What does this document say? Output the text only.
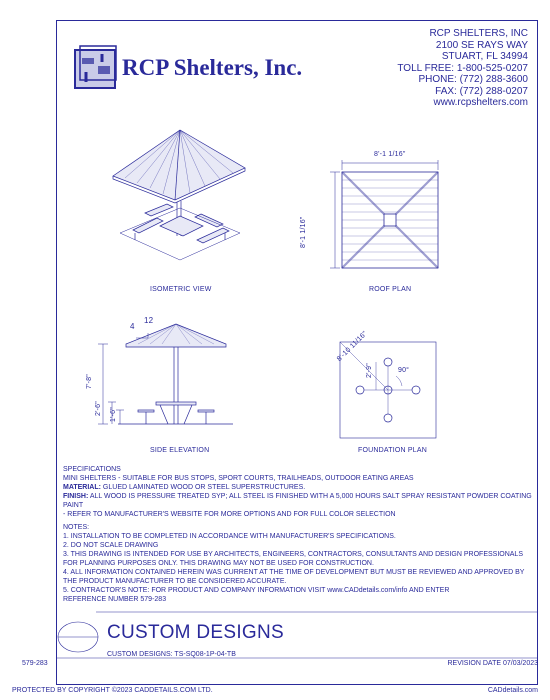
RCP Shelters, Inc.
RCP SHELTERS, INC
2100 SE RAYS WAY
STUART, FL 34994
TOLL FREE: 1-800-525-0207
PHONE: (772) 288-3600
FAX: (772) 288-0207
www.rcpshelters.com
ISOMETRIC VIEW
8'-1 1/16"
8'-1 1/16"
ROOF PLAN
12
4
7'-8"
2'-6" 1'-6"
SIDE ELEVATION
8'-10 11/16"
2'-9"	90°
FOUNDATION PLAN
SPECIFICATIONS
MINI SHELTERS - SUITABLE FOR BUS STOPS, SPORT COURTS, TRAILHEADS, OUTDOOR EATING AREAS
MATERIAL: GLUED LAMINATED WOOD OR STEEL SUPERSTRUCTURES.
FINISH: ALL WOOD IS PRESSURE TREATED SYP; ALL STEEL IS FINISHED WITH A 5,000 HOURS SALT SPRAY RESISTANT POWDER COATING PAINT
- REFER TO MANUFACTURER'S WEBSITE FOR MORE OPTIONS AND FOR FULL COLOR SELECTION
NOTES:
1. INSTALLATION TO BE COMPLETED IN ACCORDANCE WITH MANUFACTURER'S SPECIFICATIONS.
2. DO NOT SCALE DRAWING
3. THIS DRAWING IS INTENDED FOR USE BY ARCHITECTS, ENGINEERS, CONTRACTORS, CONSULTANTS AND DESIGN PROFESSIONALS
FOR PLANNING PURPOSES ONLY. THIS DRAWING MAY NOT BE USED FOR CONSTRUCTION.
4. ALL INFORMATION CONTAINED HEREIN WAS CURRENT AT THE TIME OF DEVELOPMENT BUT MUST BE REVIEWED AND APPROVED BY
THE PRODUCT MANUFACTURER TO BE CONSIDERED ACCURATE.
5. CONTRACTOR'S NOTE: FOR PRODUCT AND COMPANY INFORMATION VISIT www.CADdetails.com/info AND ENTER
REFERENCE NUMBER 579-283
CUSTOM DESIGNS
CUSTOM DESIGNS: TS-SQ08-1P-04-TB
579-283	REVISION DATE 07/03/2023
PROTECTED BY COPYRIGHT ©2023 CADDETAILS.COM LTD.	CADdetails.com
